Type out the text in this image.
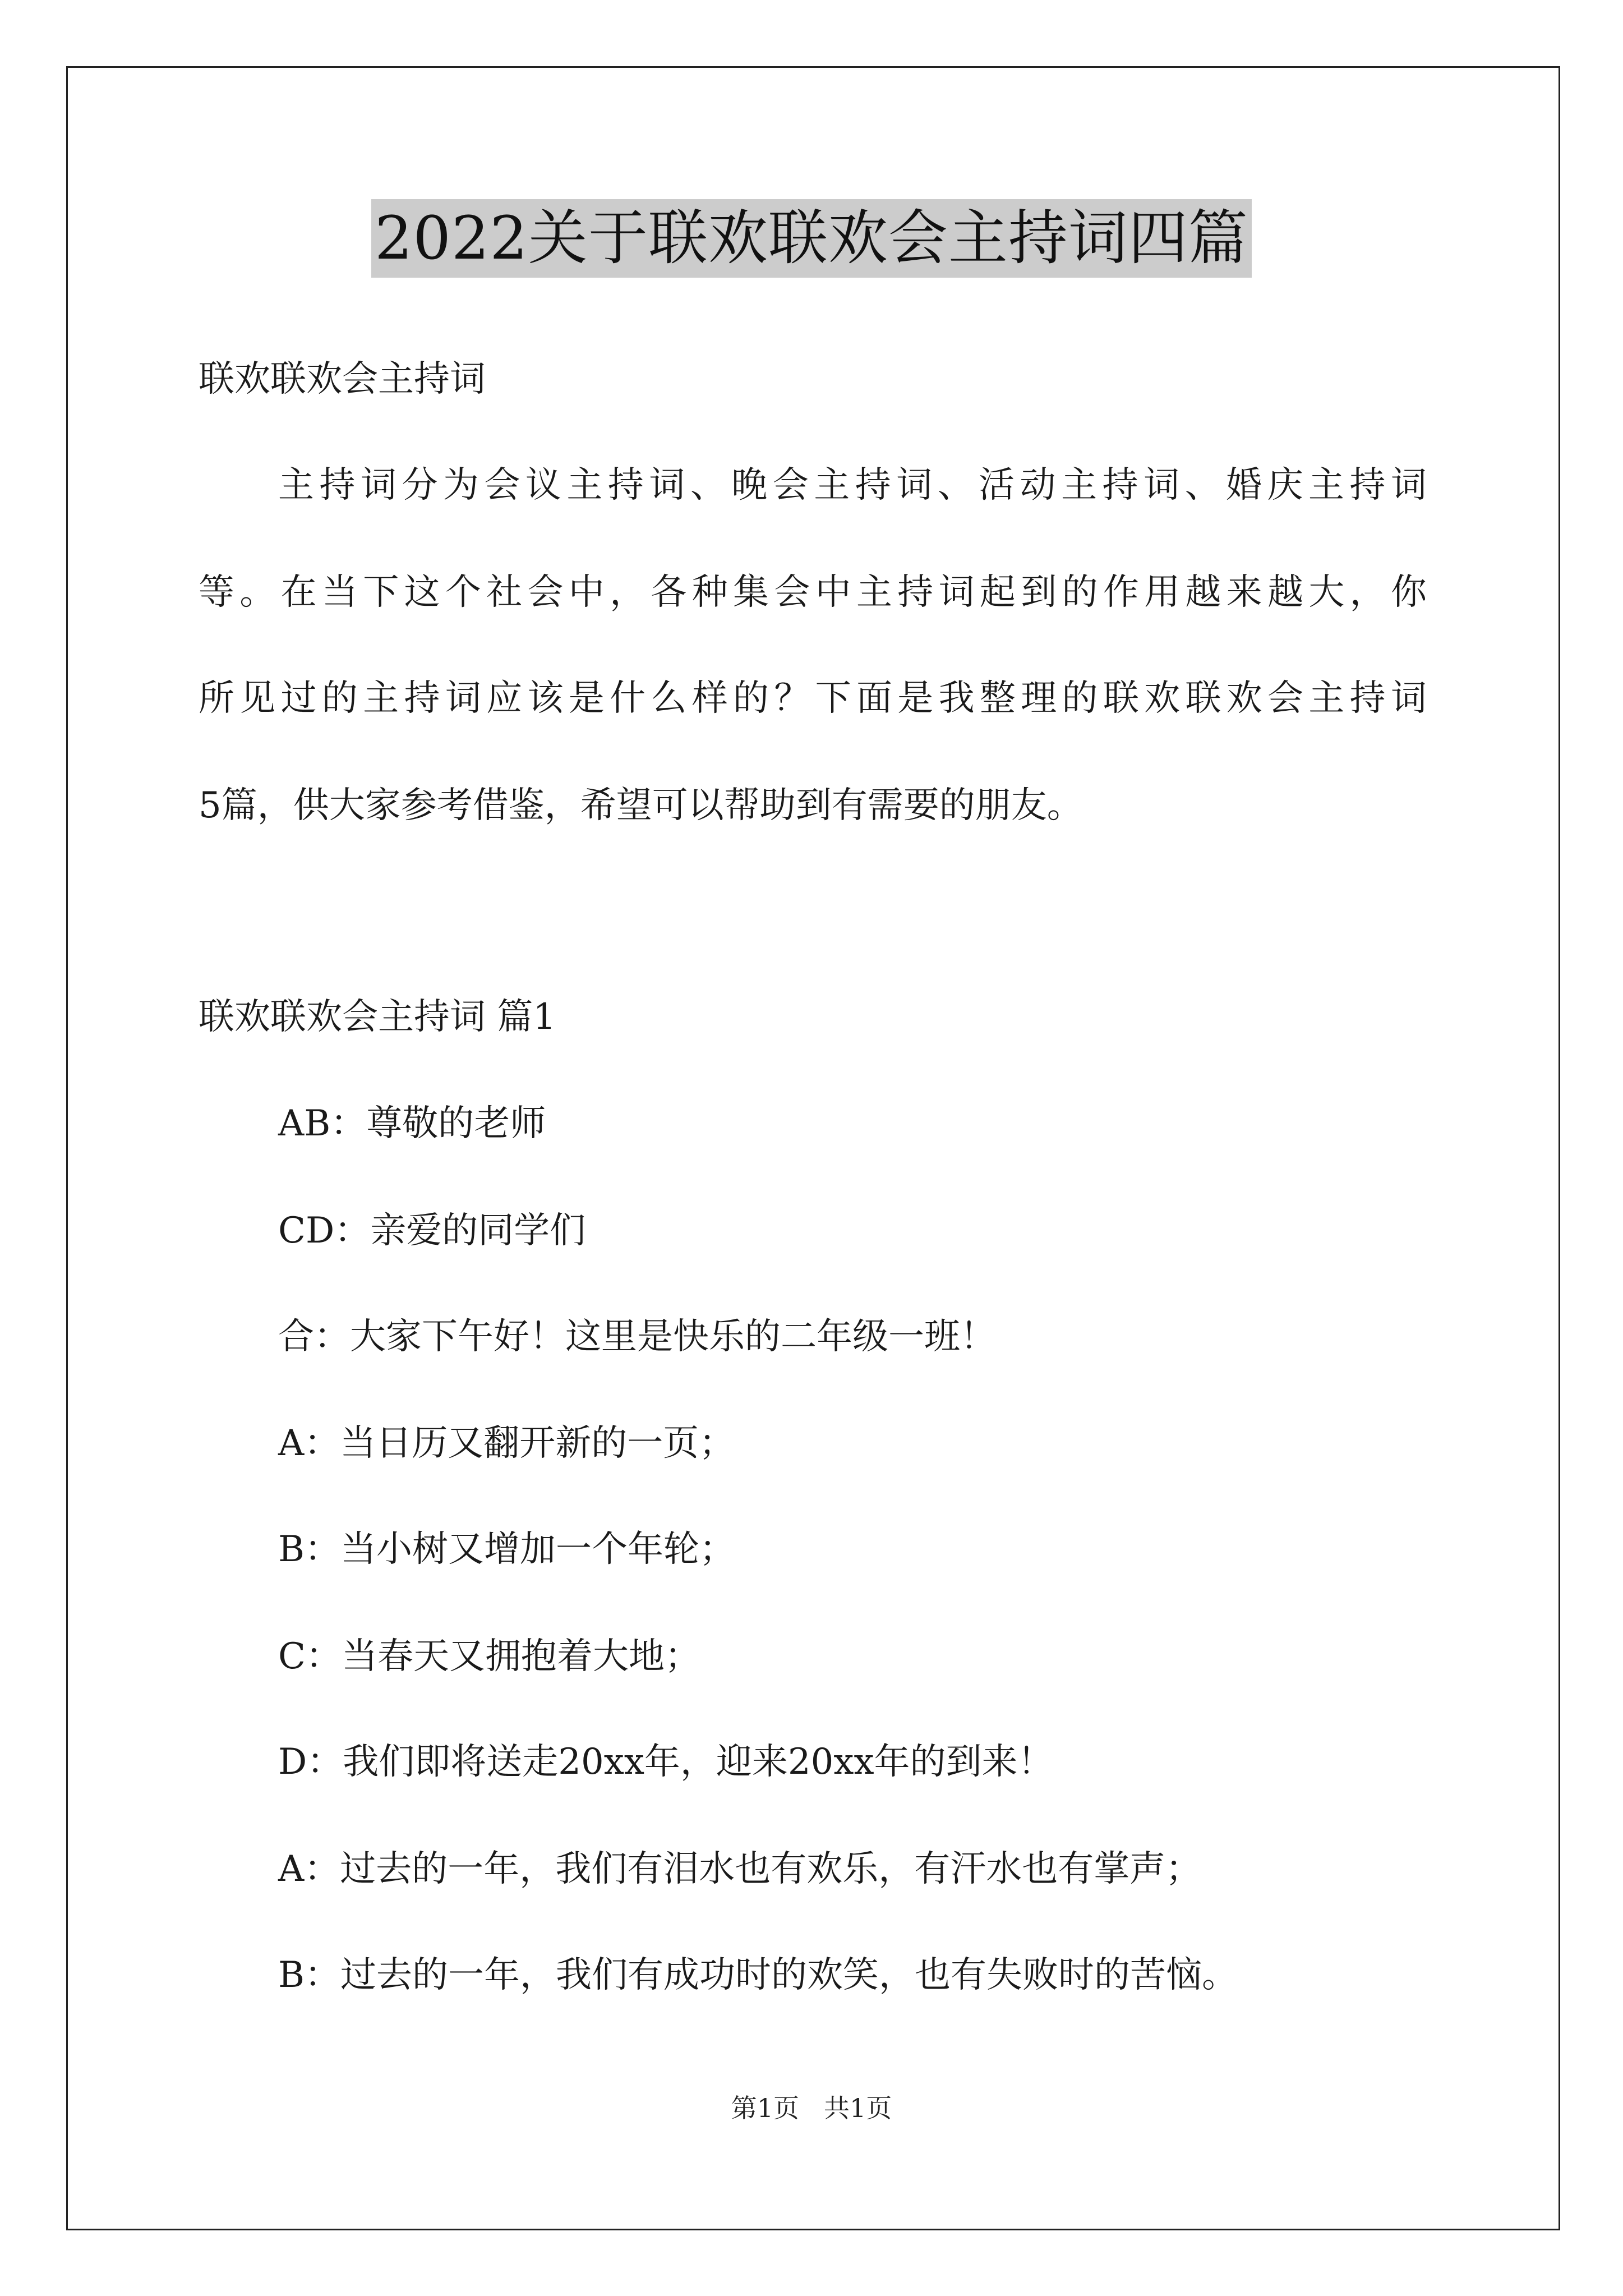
2022关于联欢联欢会主持词四篇
联欢联欢会主持词
主持词分为会议主持词、晚会主持词、活动主持词、婚庆主持词
等。在当下这个社会中，各种集会中主持词起到的作用越来越大，你
所见过的主持词应该是什么样的？下面是我整理的联欢联欢会主持词
5篇，供大家参考借鉴，希望可以帮助到有需要的朋友。
联欢联欢会主持词 篇1
AB：尊敬的老师
CD：亲爱的同学们
合：大家下午好！这里是快乐的二年级一班！
A：当日历又翻开新的一页；
B：当小树又增加一个年轮；
C：当春天又拥抱着大地；
D：我们即将送走20xx年，迎来20xx年的到来！
A：过去的一年，我们有泪水也有欢乐，有汗水也有掌声；
B：过去的一年，我们有成功时的欢笑，也有失败时的苦恼。
第1页 共1页
